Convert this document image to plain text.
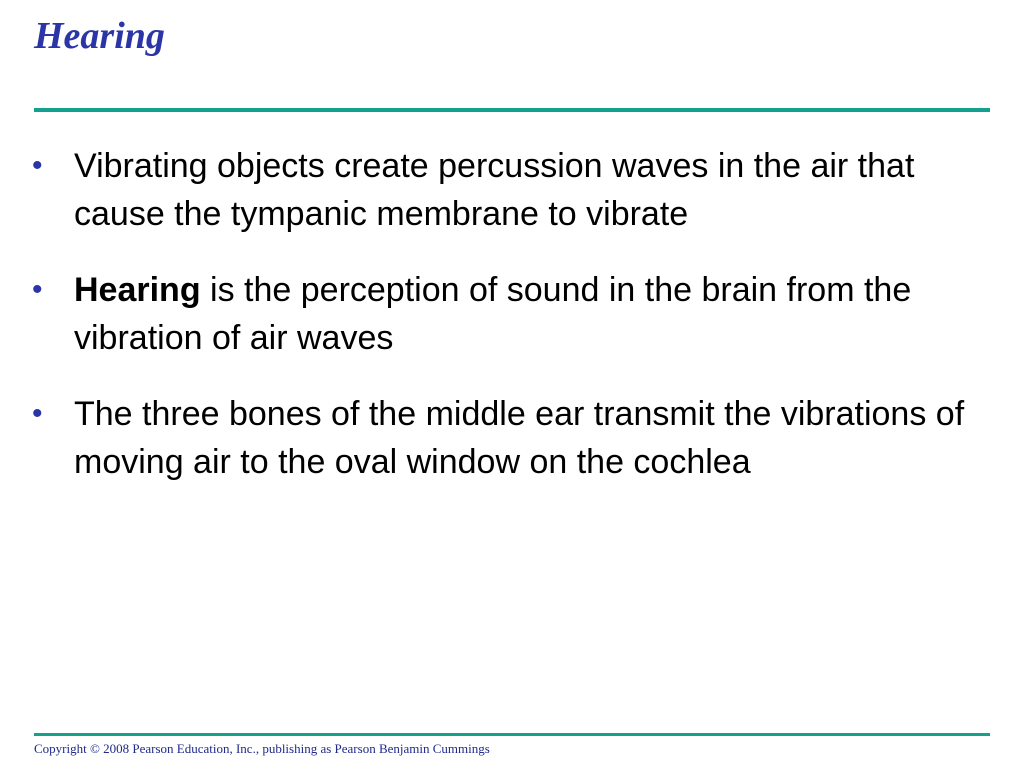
Hearing
• Vibrating objects create percussion waves in the air that cause the tympanic membrane to vibrate
• Hearing is the perception of sound in the brain from the vibration of air waves
• The three bones of the middle ear transmit the vibrations of moving air to the oval window on the cochlea

Copyright © 2008 Pearson Education, Inc., publishing as Pearson Benjamin Cummings
